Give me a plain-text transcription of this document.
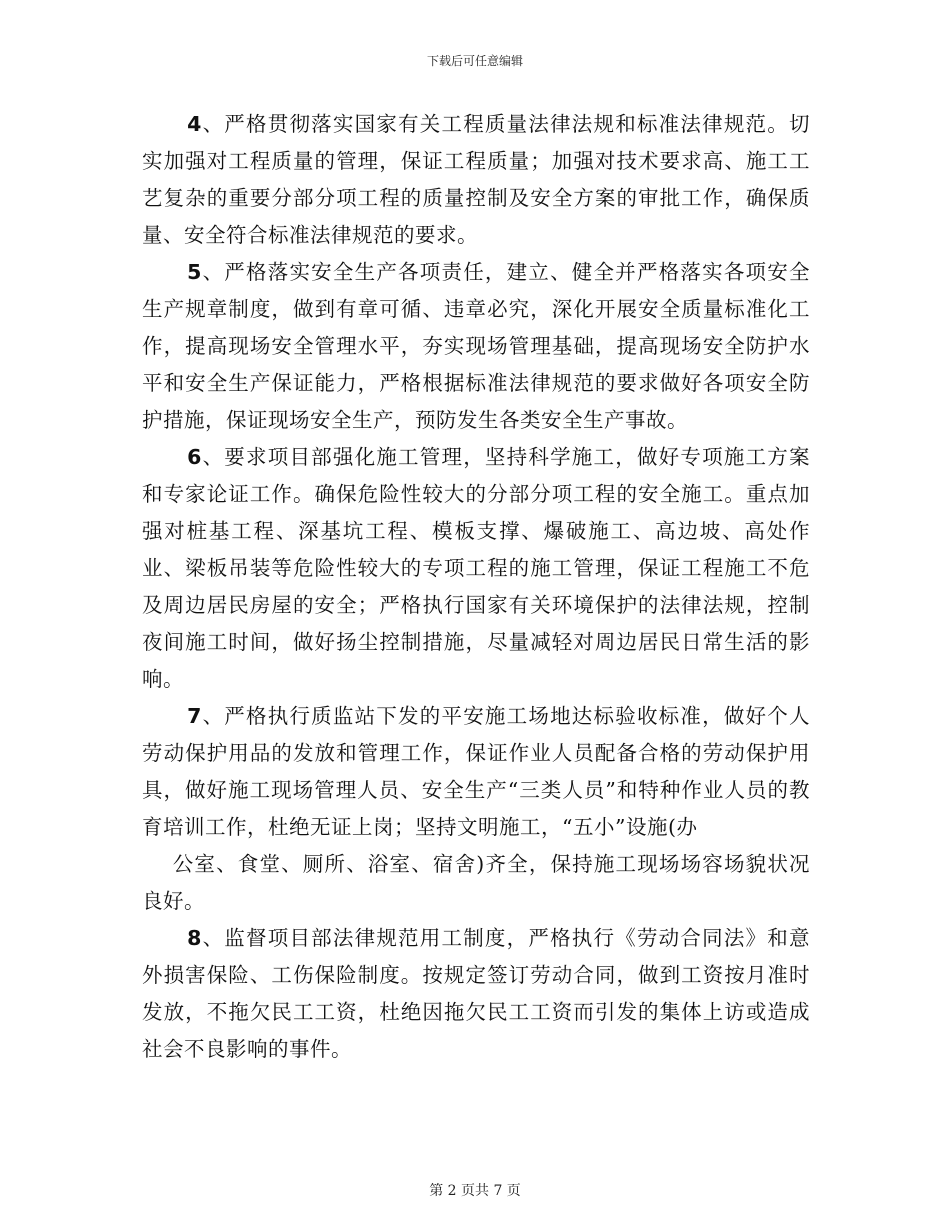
下载后可任意编辑

4、严格贯彻落实国家有关工程质量法律法规和标准法律规范。切实加强对工程质量的管理，保证工程质量；加强对技术要求高、施工工艺复杂的重要分部分项工程的质量控制及安全方案的审批工作，确保质量、安全符合标准法律规范的要求。

5、严格落实安全生产各项责任，建立、健全并严格落实各项安全生产规章制度，做到有章可循、违章必究，深化开展安全质量标准化工作，提高现场安全管理水平，夯实现场管理基础，提高现场安全防护水平和安全生产保证能力，严格根据标准法律规范的要求做好各项安全防护措施，保证现场安全生产，预防发生各类安全生产事故。

6、要求项目部强化施工管理，坚持科学施工，做好专项施工方案和专家论证工作。确保危险性较大的分部分项工程的安全施工。重点加强对桩基工程、深基坑工程、模板支撑、爆破施工、高边坡、高处作业、梁板吊装等危险性较大的专项工程的施工管理，保证工程施工不危及周边居民房屋的安全；严格执行国家有关环境保护的法律法规，控制夜间施工时间，做好扬尘控制措施，尽量减轻对周边居民日常生活的影响。

7、严格执行质监站下发的平安施工场地达标验收标准，做好个人劳动保护用品的发放和管理工作，保证作业人员配备合格的劳动保护用具，做好施工现场管理人员、安全生产“三类人员”和特种作业人员的教育培训工作，杜绝无证上岗；坚持文明施工，“五小”设施(办
公室、食堂、厕所、浴室、宿舍)齐全，保持施工现场场容场貌状况良好。

8、监督项目部法律规范用工制度，严格执行《劳动合同法》和意外损害保险、工伤保险制度。按规定签订劳动合同，做到工资按月准时发放，不拖欠民工工资，杜绝因拖欠民工工资而引发的集体上访或造成社会不良影响的事件。

第 2 页共 7 页
